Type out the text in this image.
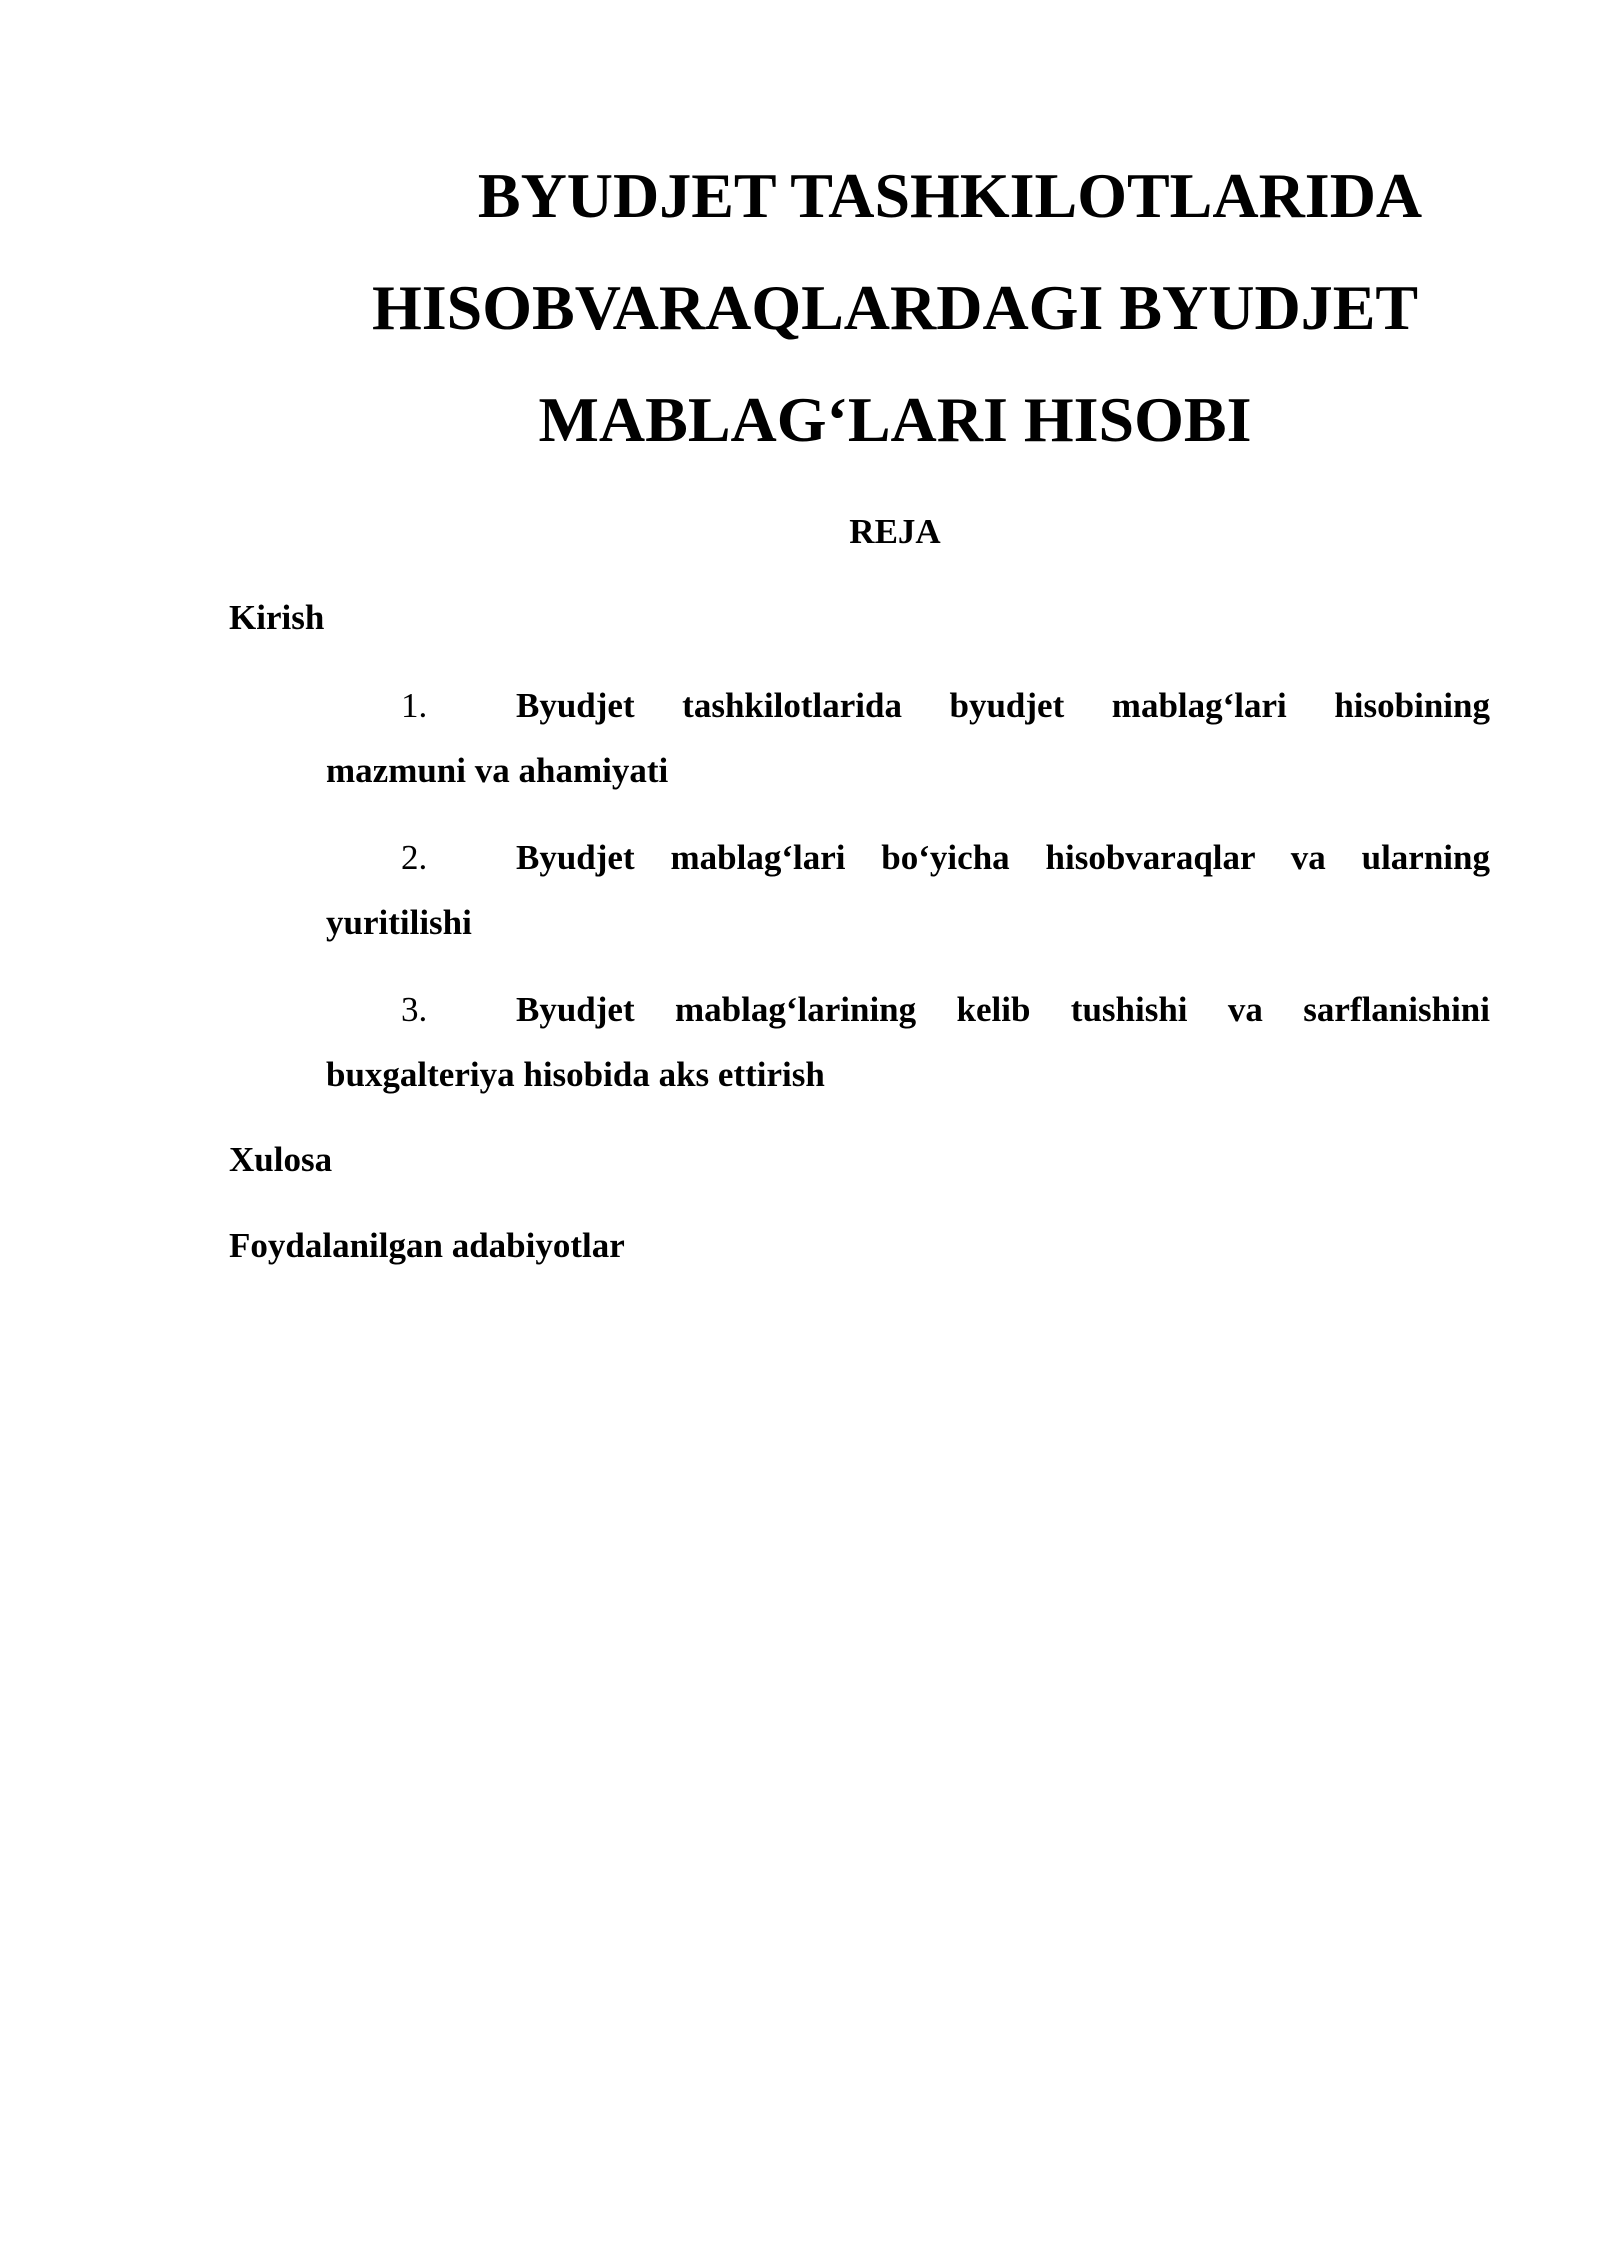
BYUDJET TASHKILOTLARIDA
HISOBVARAQLARDAGI BYUDJET
MABLAG‘LARI HISOBI

REJA

Kirish

1.	Byudjet tashkilotlarida byudjet mablag‘lari hisobining
mazmuni va ahamiyati
2.	Byudjet mablag‘lari bo‘yicha hisobvaraqlar va ularning
yuritilishi
3.	Byudjet mablag‘larining kelib tushishi va sarflanishini
buxgalteriya hisobida aks ettirish

Xulosa

Foydalanilgan adabiyotlar
